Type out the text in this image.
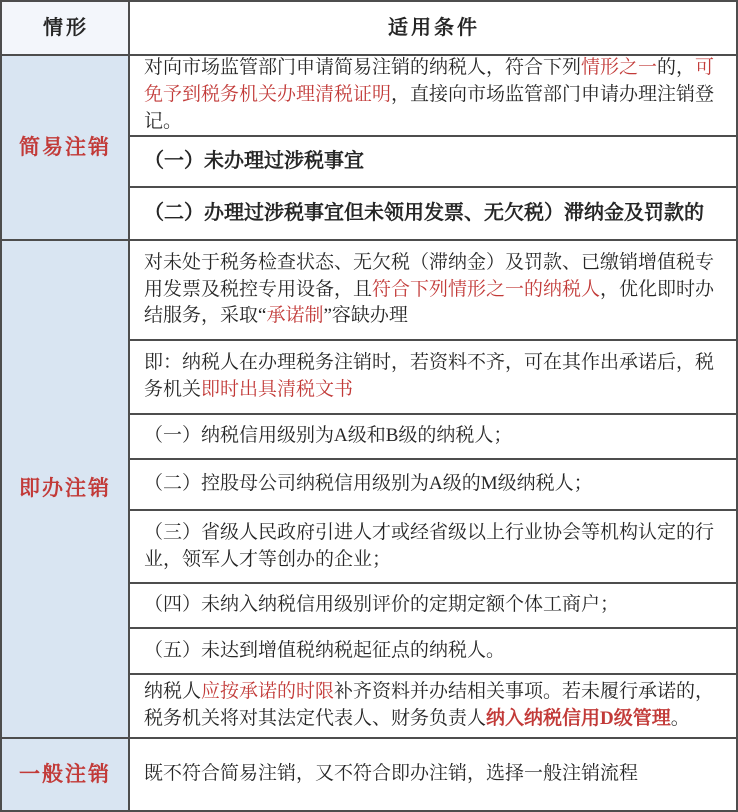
情形	适用条件

简易注销

即办注销

一般注销

对向市场监管部门申请简易注销的纳税人，符合下列情形之一的，可免予到税务机关办理清税证明，直接向市场监管部门申请办理注销登记。

（一）未办理过涉税事宜

（二）办理过涉税事宜但未领用发票、无欠税）滞纳金及罚款的

对未处于税务检查状态、无欠税（滞纳金）及罚款、已缴销增值税专用发票及税控专用设备，且符合下列情形之一的纳税人，优化即时办结服务，采取“承诺制”容缺办理

即：纳税人在办理税务注销时，若资料不齐，可在其作出承诺后，税务机关即时出具清税文书

（一）纳税信用级别为A级和B级的纳税人；

（二）控股母公司纳税信用级别为A级的M级纳税人；

（三）省级人民政府引进人才或经省级以上行业协会等机构认定的行业，领军人才等创办的企业；

（四）未纳入纳税信用级别评价的定期定额个体工商户；

（五）未达到增值税纳税起征点的纳税人。

纳税人应按承诺的时限补齐资料并办结相关事项。若未履行承诺的，税务机关将对其法定代表人、财务负责人纳入纳税信用D级管理。

既不符合简易注销，又不符合即办注销，选择一般注销流程
